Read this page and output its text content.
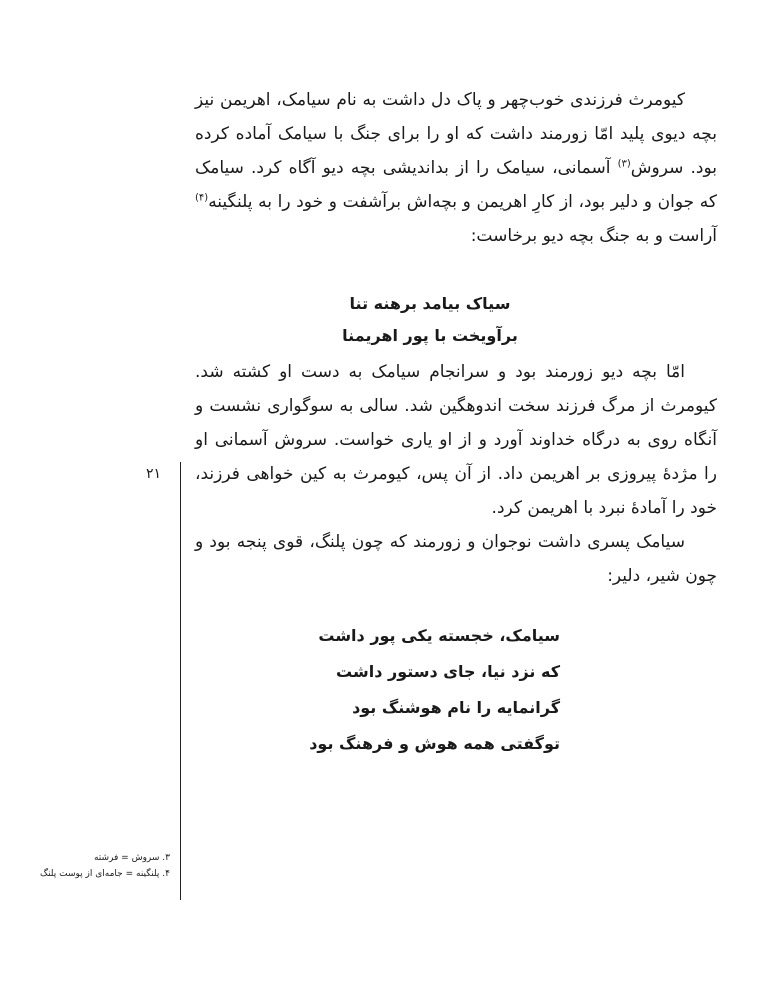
کیومرث فرزندی خوب‌چهر و پاک دل داشت به نام سیامک، اهریمن نیز بچه دیوی پلید امّا زورمند داشت که او را برای جنگ با سیامک آماده کرده بود. سروش$^{(۳)}$ آسمانی، سیامک را از بداندیشی بچه دیو آگاه کرد. سیامک که جوان و دلیر بود، از کارِ اهریمن و بچه‌اش برآشفت و خود را به پلنگینه$^{(۴)}$ آراست و به جنگ بچه دیو برخاست:

سیاک بیامد برهنه تنا
برآویخت با پور اهریمنا

امّا بچه دیو زورمند بود و سرانجام سیامک به دست او کشته شد. کیومرث از مرگ فرزند سخت اندوهگین شد. سالی به سوگواری نشست و آنگاه روی به درگاه خداوند آورد و از او یاری خواست. سروش آسمانی او را مژدهٔ پیروزی بر اهریمن داد. از آن پس، کیومرث به کین خواهی فرزند، خود را آمادهٔ نبرد با اهریمن کرد.

سیامک پسری داشت نوجوان و زورمند که چون پلنگ، قوی پنجه بود و چون شیر، دلیر:

سیامک، خجسته یکی پور داشت
که نزد نیا، جای دستور داشت
گرانمایه را نام هوشنگ بود
توگفتی همه هوش و فرهنگ بود
۲۱
۳. سروش = فرشته
۴. پلنگینه = جامه‌ای از پوست پلنگ
